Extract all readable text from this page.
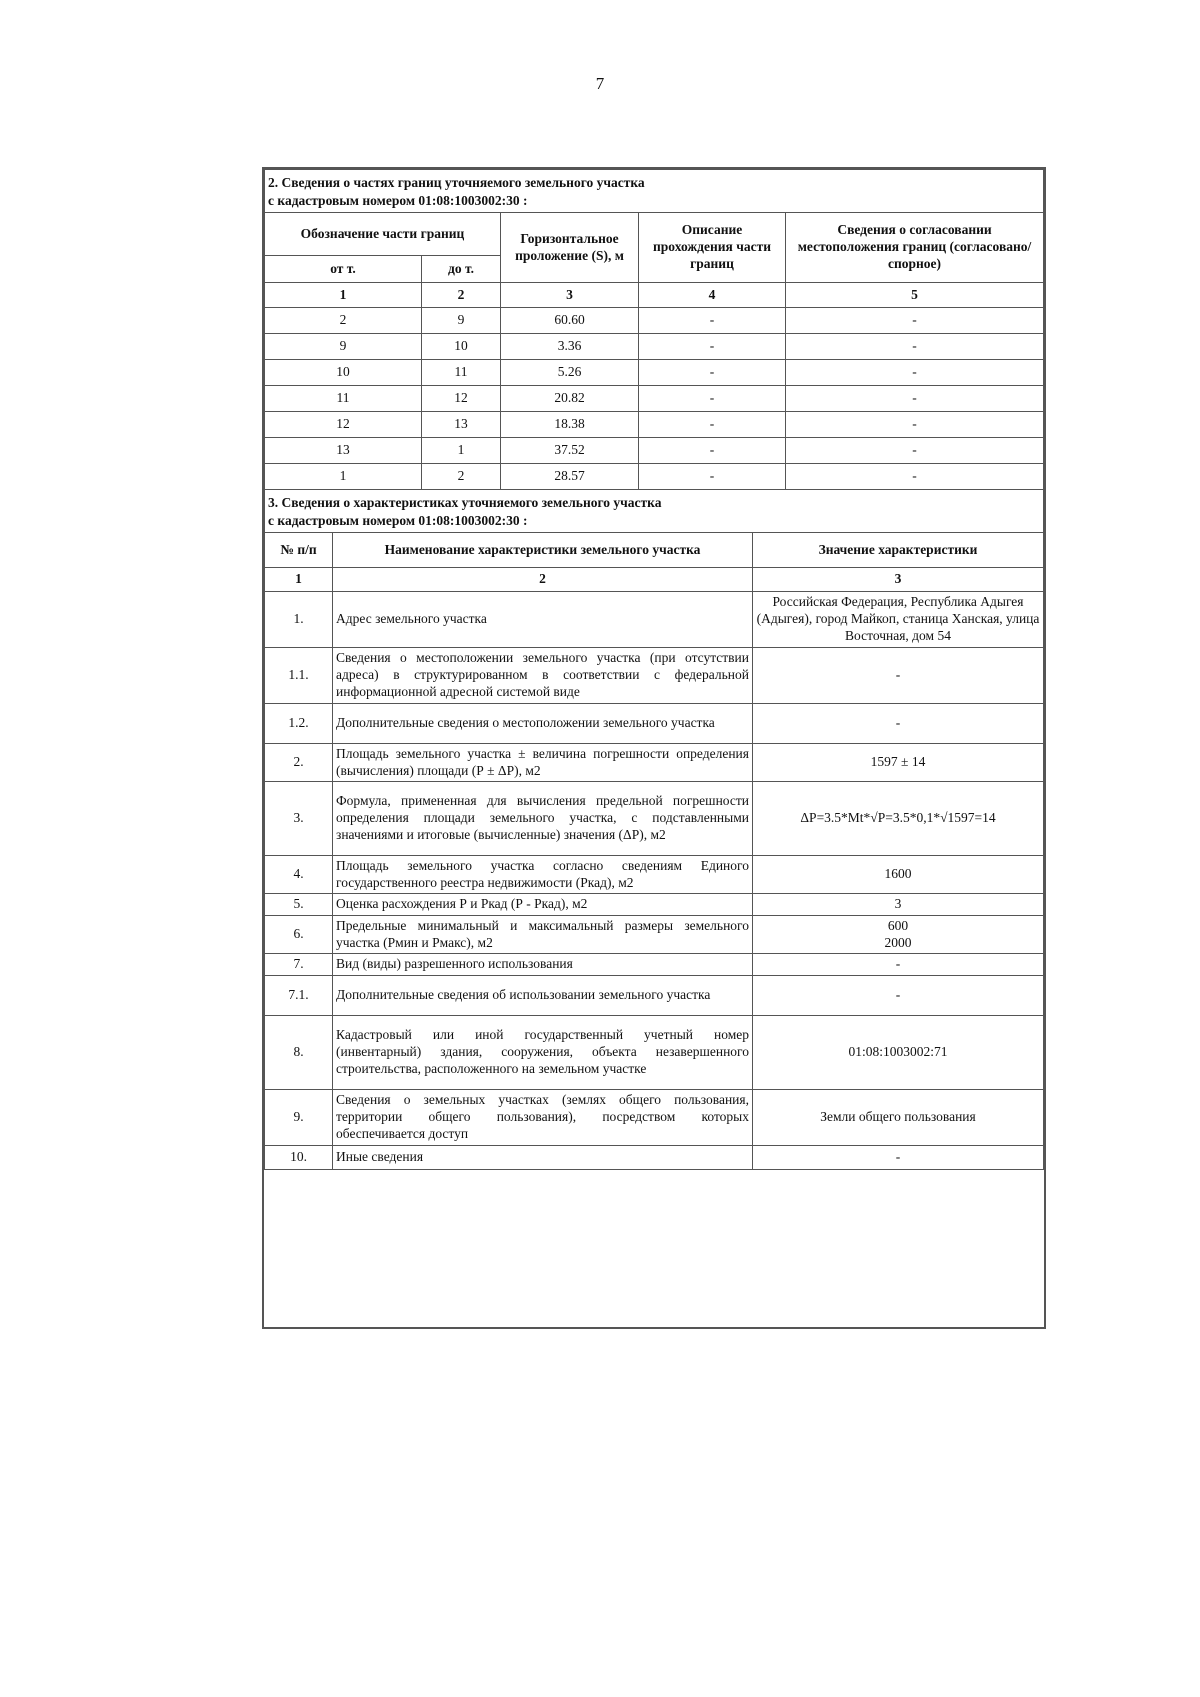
7
2. Сведения о частях границ уточняемого земельного участка
с кадастровым номером 01:08:1003002:30 :				

Обозначение части границ		Горизонтальное проложение (S), м	Описание прохождения части границ	Сведения о согласовании местоположения границ (согласовано/спорное)
от т.	до т.			
1	2	3	4	5
2	9	60.60	-	-
9	10	3.36	-	-
10	11	5.26	-	-
11	12	20.82	-	-
12	13	18.38	-	-
13	1	37.52	-	-
1	2	28.57	-	-
3. Сведения о характеристиках уточняемого земельного участка
с кадастровым номером 01:08:1003002:30 :		

№ п/п	Наименование характеристики земельного участка	Значение характеристики
1	2	3
1.	Адрес земельного участка	Российская Федерация, Республика Адыгея (Адыгея), город Майкоп, станица Ханская, улица Восточная, дом 54
1.1.	Сведения о местоположении земельного участка (при отсутствии адреса) в структурированном в соответствии с федеральной информационной адресной системой виде	-
1.2.	Дополнительные сведения о местоположении земельного участка	-
2.	Площадь земельного участка ± величина погрешности определения (вычисления) площади (Р ± ΔР), м2	1597 ± 14
3.	Формула, примененная для вычисления предельной погрешности определения площади земельного участка, с подставленными значениями и итоговые (вычисленные) значения (ΔР), м2	ΔР=3.5*Mt*√Р=3.5*0,1*√1597=14
4.	Площадь земельного участка согласно сведениям Единого государственного реестра недвижимости (Ркад), м2	1600
5.	Оценка расхождения Р и Ркад (Р - Ркад), м2	3
6.	Предельные минимальный и максимальный размеры земельного участка (Рмин и Рмакс), м2	600
2000

7.	Вид (виды) разрешенного использования	-
7.1.	Дополнительные сведения об использовании земельного участка	-
8.	Кадастровый или иной государственный учетный номер (инвентарный) здания, сооружения, объекта незавершенного строительства, расположенного на земельном участке	01:08:1003002:71
9.	Сведения о земельных участках (землях общего пользования, территории общего пользования), посредством которых обеспечивается доступ	Земли общего пользования
10.	Иные сведения	-
